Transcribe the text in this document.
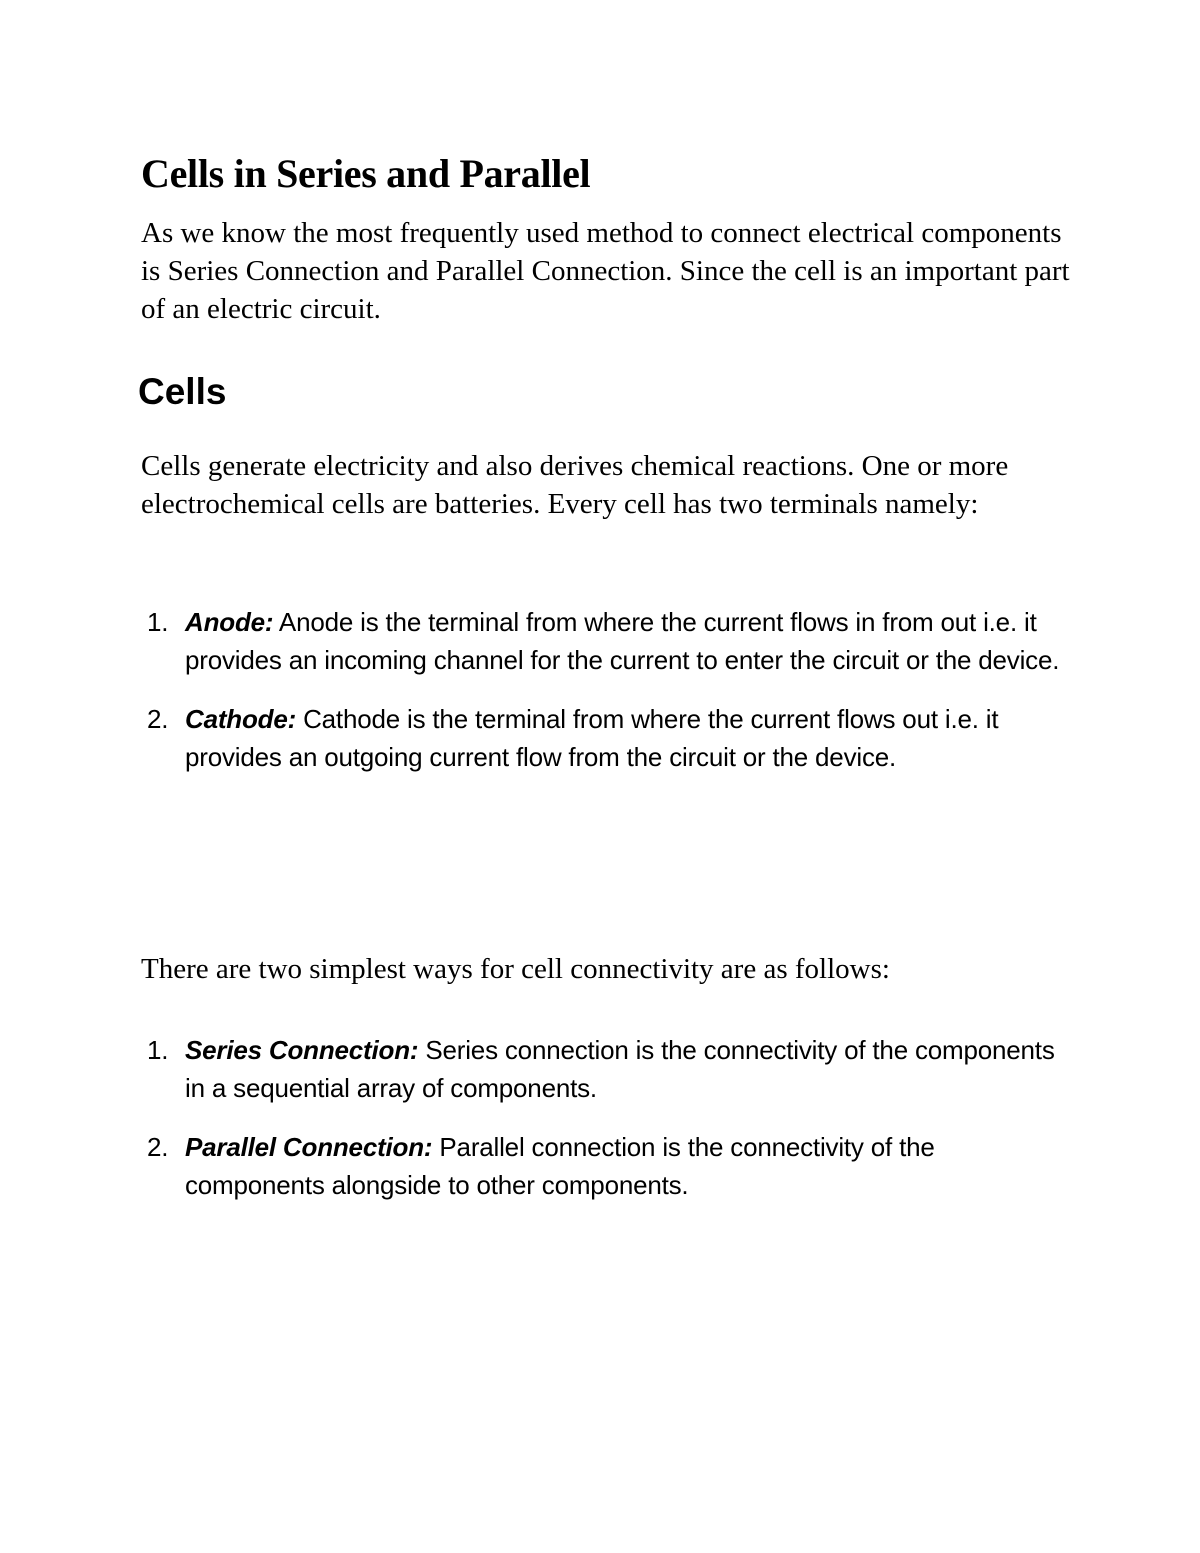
Cells in Series and Parallel

As we know the most frequently used method to connect electrical components is Series Connection and Parallel Connection. Since the cell is an important part of an electric circuit.

Cells

Cells generate electricity and also derives chemical reactions. One or more electrochemical cells are batteries. Every cell has two terminals namely:

1. Anode: Anode is the terminal from where the current flows in from out i.e. it provides an incoming channel for the current to enter the circuit or the device.
2. Cathode: Cathode is the terminal from where the current flows out i.e. it provides an outgoing current flow from the circuit or the device.

There are two simplest ways for cell connectivity are as follows:

1. Series Connection: Series connection is the connectivity of the components in a sequential array of components.
2. Parallel Connection: Parallel connection is the connectivity of the components alongside to other components.
